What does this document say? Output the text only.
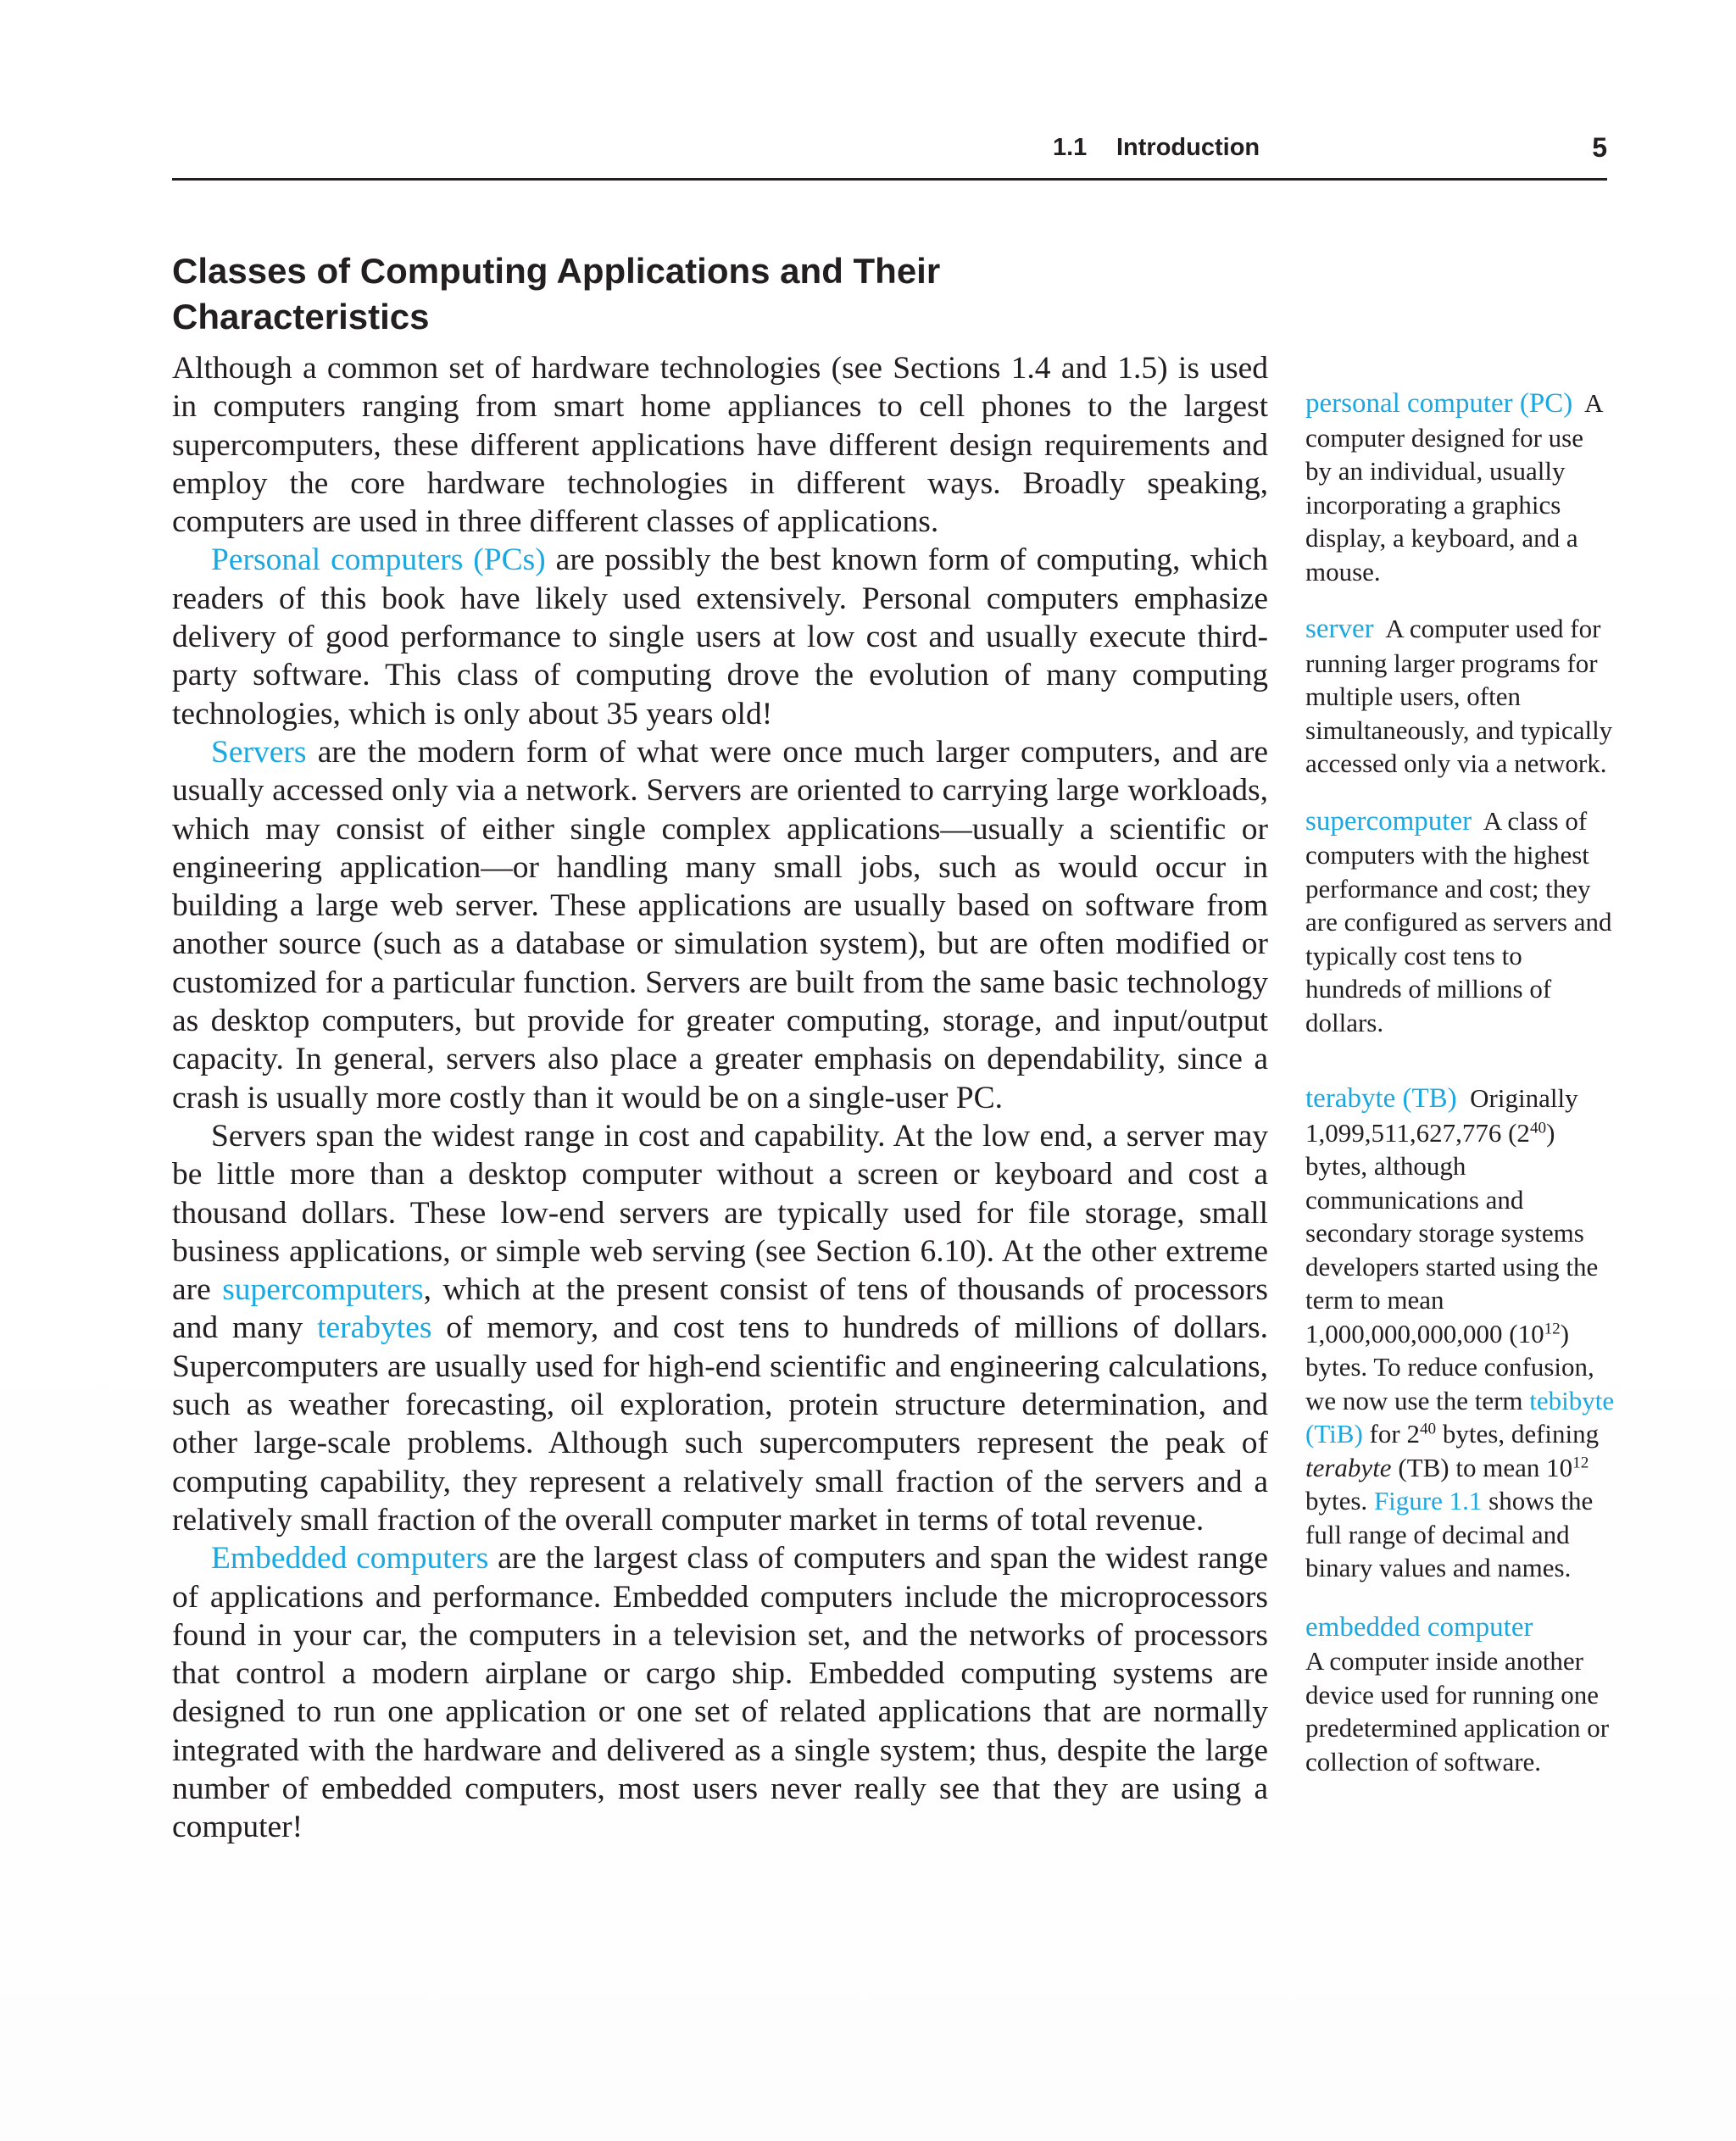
1.1 Introduction	5
Classes of Computing Applications and Their
Characteristics

Although a common set of hardware technologies (see Sections 1.4 and 1.5) is used in computers ranging from smart home appliances to cell phones to the largest supercomputers, these different applications have different design requirements and employ the core hardware technologies in different ways. Broadly speaking, computers are used in three different classes of applications.

Personal computers (PCs) are possibly the best known form of computing, which readers of this book have likely used extensively. Personal computers emphasize delivery of good performance to single users at low cost and usually execute third-party software. This class of computing drove the evolution of many computing technologies, which is only about 35 years old!

Servers are the modern form of what were once much larger computers, and are usually accessed only via a network. Servers are oriented to carrying large workloads, which may consist of either single complex applications—usually a scientific or engineering application—or handling many small jobs, such as would occur in building a large web server. These applications are usually based on software from another source (such as a database or simulation system), but are often modified or customized for a particular function. Servers are built from the same basic technology as desktop computers, but provide for greater computing, storage, and input/output capacity. In general, servers also place a greater emphasis on dependability, since a crash is usually more costly than it would be on a single-user PC.

Servers span the widest range in cost and capability. At the low end, a server may be little more than a desktop computer without a screen or keyboard and cost a thousand dollars. These low-end servers are typically used for file storage, small business applications, or simple web serving (see Section 6.10). At the other extreme are supercomputers, which at the present consist of tens of thousands of processors and many terabytes of memory, and cost tens to hundreds of millions of dollars. Supercomputers are usually used for high-end scientific and engineering calculations, such as weather forecasting, oil exploration, protein structure determination, and other large-scale problems. Although such supercomputers represent the peak of computing capability, they represent a relatively small fraction of the servers and a relatively small fraction of the overall computer market in terms of total revenue.

Embedded computers are the largest class of computers and span the widest range of applications and performance. Embedded computers include the microprocessors found in your car, the computers in a television set, and the networks of processors that control a modern airplane or cargo ship. Embedded computing systems are designed to run one application or one set of related applications that are normally integrated with the hardware and delivered as a single system; thus, despite the large number of embedded computers, most users never really see that they are using a computer!

personal computer (PC) A computer designed for use by an individual, usually incorporating a graphics display, a keyboard, and a mouse.
server A computer used for running larger programs for multiple users, often simultaneously, and typically accessed only via a network.
supercomputer A class of computers with the highest performance and cost; they are configured as servers and typically cost tens to hundreds of millions of dollars.
terabyte (TB) Originally 1,099,511,627,776 $(2^{40})$ bytes, although communications and secondary storage systems developers started using the term to mean 1,000,000,000,000 $(10^{12})$ bytes. To reduce confusion, we now use the term tebibyte (TiB) for $2^{40}$ bytes, defining terabyte (TB) to mean $10^{12}$ bytes. Figure 1.1 shows the full range of decimal and binary values and names.
embedded computer
A computer inside another device used for running one predetermined application or collection of software.
